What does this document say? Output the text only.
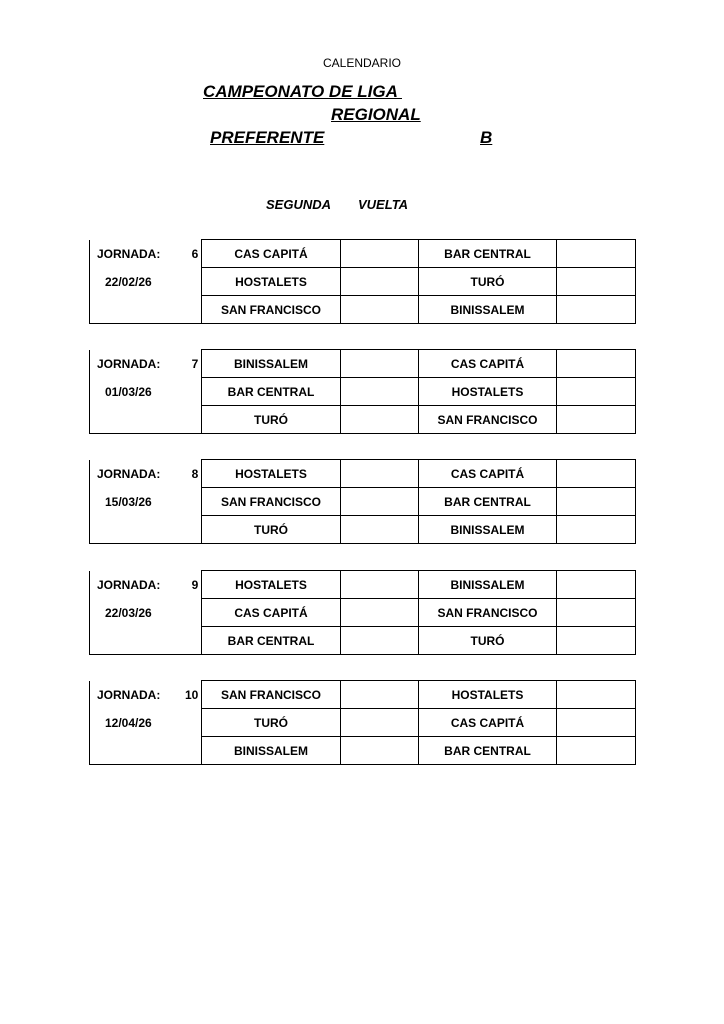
CALENDARIO
CAMPEONATO DE LIGA
REGIONAL
PREFERENTE	B
SEGUNDA VUELTA
JORNADA: 6	CAS CAPITÁ		BAR CENTRAL	
22/02/26	HOSTALETS		TURÓ	
	SAN FRANCISCO		BINISSALEM	
JORNADA: 7	BINISSALEM		CAS CAPITÁ	
01/03/26	BAR CENTRAL		HOSTALETS	
	TURÓ		SAN FRANCISCO	
JORNADA: 8	HOSTALETS		CAS CAPITÁ	
15/03/26	SAN FRANCISCO		BAR CENTRAL	
	TURÓ		BINISSALEM	
JORNADA: 9	HOSTALETS		BINISSALEM	
22/03/26	CAS CAPITÁ		SAN FRANCISCO	
	BAR CENTRAL		TURÓ	
JORNADA: 10	SAN FRANCISCO		HOSTALETS	
12/04/26	TURÓ		CAS CAPITÁ	
	BINISSALEM		BAR CENTRAL	
